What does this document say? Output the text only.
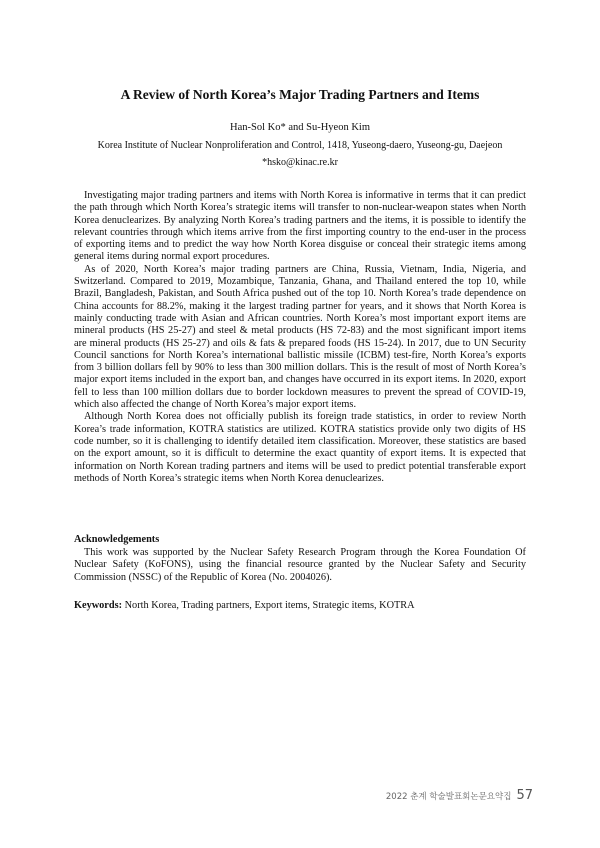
A Review of North Korea’s Major Trading Partners and Items
Han-Sol Ko* and Su-Hyeon Kim
Korea Institute of Nuclear Nonproliferation and Control, 1418, Yuseong-daero, Yuseong-gu, Daejeon
*hsko@kinac.re.kr

Investigating major trading partners and items with North Korea is informative in terms that it can predict the path through which North Korea’s strategic items will transfer to non-nuclear-weapon states when North Korea denuclearizes. By analyzing North Korea’s trading partners and the items, it is possible to identify the relevant countries through which items arrive from the first importing country to the end-user in the process of exporting items and to predict the way how North Korea disguise or conceal their strategic items among general items during normal export procedures.

As of 2020, North Korea’s major trading partners are China, Russia, Vietnam, India, Nigeria, and Switzerland. Compared to 2019, Mozambique, Tanzania, Ghana, and Thailand entered the top 10, while Brazil, Bangladesh, Pakistan, and South Africa pushed out of the top 10. North Korea’s trade dependence on China accounts for 88.2%, making it the largest trading partner for years, and it shows that North Korea is mainly conducting trade with Asian and African countries. North Korea’s most important export items are mineral products (HS 25-27) and steel & metal products (HS 72-83) and the most significant import items are mineral products (HS 25-27) and oils & fats & prepared foods (HS 15-24). In 2017, due to UN Security Council sanctions for North Korea’s international ballistic missile (ICBM) test-fire, North Korea’s exports from 3 billion dollars fell by 90% to less than 300 million dollars. This is the result of most of North Korea’s major export items included in the export ban, and changes have occurred in its export items. In 2020, export fell to less than 100 million dollars due to border lockdown measures to prevent the spread of COVID-19, which also affected the change of North Korea’s major export items.

Although North Korea does not officially publish its foreign trade statistics, in order to review North Korea’s trade information, KOTRA statistics are utilized. KOTRA statistics provide only two digits of HS code number, so it is challenging to identify detailed item classification. Moreover, these statistics are based on the export amount, so it is difficult to determine the exact quantity of export items. It is expected that information on North Korean trading partners and items will be used to predict potential transferable export methods of North Korea’s strategic items when North Korea denuclearizes.

Acknowledgements

This work was supported by the Nuclear Safety Research Program through the Korea Foundation Of Nuclear Safety (KoFONS), using the financial resource granted by the Nuclear Safety and Security Commission (NSSC) of the Republic of Korea (No. 2004026).

Keywords: North Korea, Trading partners, Export items, Strategic items, KOTRA
2022 춘계 학술발표회논문요약집 57
